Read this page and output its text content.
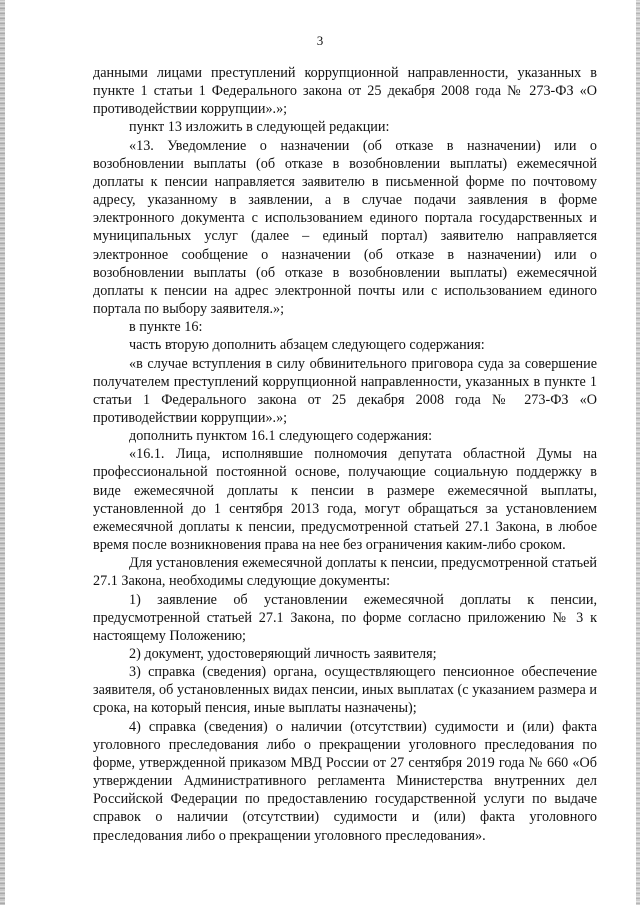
3

данными лицами преступлений коррупционной направленности, указанных в пункте 1 статьи 1 Федерального закона от 25 декабря 2008 года № 273-ФЗ «О противодействии коррупции».»;

пункт 13 изложить в следующей редакции:

«13. Уведомление о назначении (об отказе в назначении) или о возобновлении выплаты (об отказе в возобновлении выплаты) ежемесячной доплаты к пенсии направляется заявителю в письменной форме по почтовому адресу, указанному в заявлении, а в случае подачи заявления в форме электронного документа с использованием единого портала государственных и муниципальных услуг (далее – единый портал) заявителю направляется электронное сообщение о назначении (об отказе в назначении) или о возобновлении выплаты (об отказе в возобновлении выплаты) ежемесячной доплаты к пенсии на адрес электронной почты или с использованием единого портала по выбору заявителя.»;

в пункте 16:

часть вторую дополнить абзацем следующего содержания:

«в случае вступления в силу обвинительного приговора суда за совершение получателем преступлений коррупционной направленности, указанных в пункте 1 статьи 1 Федерального закона от 25 декабря 2008 года № 273-ФЗ «О противодействии коррупции».»;

дополнить пунктом 16.1 следующего содержания:

«16.1. Лица, исполнявшие полномочия депутата областной Думы на профессиональной постоянной основе, получающие социальную поддержку в виде ежемесячной доплаты к пенсии в размере ежемесячной выплаты, установленной до 1 сентября 2013 года, могут обращаться за установлением ежемесячной доплаты к пенсии, предусмотренной статьей 27.1 Закона, в любое время после возникновения права на нее без ограничения каким-либо сроком.

Для установления ежемесячной доплаты к пенсии, предусмотренной статьей 27.1 Закона, необходимы следующие документы:

1) заявление об установлении ежемесячной доплаты к пенсии, предусмотренной статьей 27.1 Закона, по форме согласно приложению № 3 к настоящему Положению;

2) документ, удостоверяющий личность заявителя;

3) справка (сведения) органа, осуществляющего пенсионное обеспечение заявителя, об установленных видах пенсии, иных выплатах (с указанием размера и срока, на который пенсия, иные выплаты назначены);

4) справка (сведения) о наличии (отсутствии) судимости и (или) факта уголовного преследования либо о прекращении уголовного преследования по форме, утвержденной приказом МВД России от 27 сентября 2019 года № 660 «Об утверждении Административного регламента Министерства внутренних дел Российской Федерации по предоставлению государственной услуги по выдаче справок о наличии (отсутствии) судимости и (или) факта уголовного преследования либо о прекращении уголовного преследования».
